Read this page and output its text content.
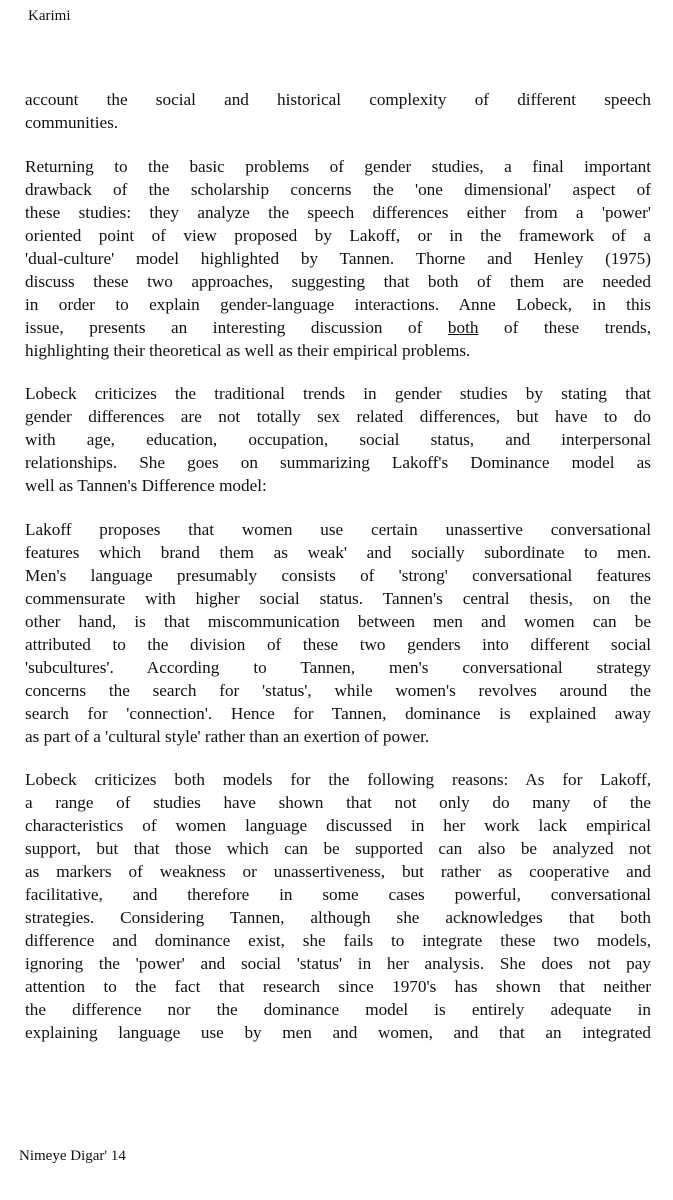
Karimi
account the social and historical complexity of different speech
communities.
Returning to the basic problems of gender studies, a final important
drawback of the scholarship concerns the 'one dimensional' aspect of
these studies: they analyze the speech differences either from a 'power'
oriented point of view proposed by Lakoff, or in the framework of a
'dual-culture' model highlighted by Tannen. Thorne and Henley (1975)
discuss these two approaches, suggesting that both of them are needed
in order to explain gender-language interactions. Anne Lobeck, in this
issue, presents an interesting discussion of both of these trends,
highlighting their theoretical as well as their empirical problems.
Lobeck criticizes the traditional trends in gender studies by stating that
gender differences are not totally sex related differences, but have to do
with age, education, occupation, social status, and interpersonal
relationships. She goes on summarizing Lakoff's Dominance model as
well as Tannen's Difference model:
Lakoff proposes that women use certain unassertive conversational
features which brand them as weak' and socially subordinate to men.
Men's language presumably consists of 'strong' conversational features
commensurate with higher social status. Tannen's central thesis, on the
other hand, is that miscommunication between men and women can be
attributed to the division of these two genders into different social
'subcultures'. According to Tannen, men's conversational strategy
concerns the search for 'status', while women's revolves around the
search for 'connection'. Hence for Tannen, dominance is explained away
as part of a 'cultural style' rather than an exertion of power.
Lobeck criticizes both models for the following reasons: As for Lakoff,
a range of studies have shown that not only do many of the
characteristics of women language discussed in her work lack empirical
support, but that those which can be supported can also be analyzed not
as markers of weakness or unassertiveness, but rather as cooperative and
facilitative, and therefore in some cases powerful, conversational
strategies. Considering Tannen, although she acknowledges that both
difference and dominance exist, she fails to integrate these two models,
ignoring the 'power' and social 'status' in her analysis. She does not pay
attention to the fact that research since 1970's has shown that neither
the difference nor the dominance model is entirely adequate in
explaining language use by men and women, and that an integrated
Nimeye Digar' 14
